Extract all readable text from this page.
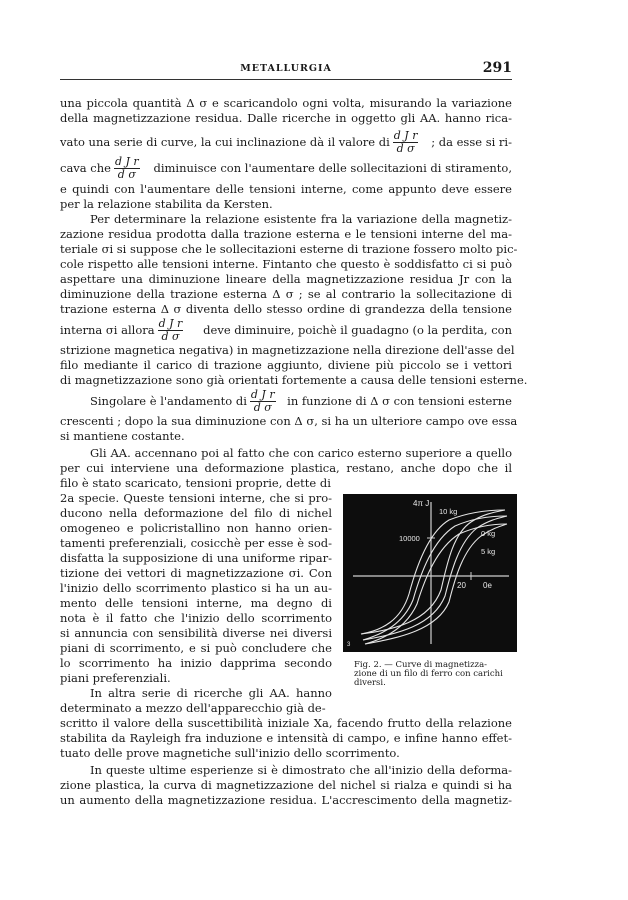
METALLURGIA	291
una piccola quantità Δ σ e scaricandolo ogni volta, misurando la variazione
della magnetizzazione residua. Dalle ricerche in oggetto gli AA. hanno rica-
vato una serie di curve, la cui inclinazione dà il valore di $\frac{\text{d J r}}{\text{d σ}}$ ; da esse si ri-
cava che $\frac{\text{d J r}}{\text{d σ}}$ diminuisce con l'aumentare delle sollecitazioni di stiramento,
e quindi con l'aumentare delle tensioni interne, come appunto deve essere
per la relazione stabilita da Kersten.
Per determinare la relazione esistente fra la variazione della magnetiz-
zazione residua prodotta dalla trazione esterna e le tensioni interne del ma-
teriale σi si suppose che le sollecitazioni esterne di trazione fossero molto pic-
cole rispetto alle tensioni interne. Fintanto che questo è soddisfatto ci si può
aspettare una diminuzione lineare della magnetizzazione residua Jr con la
diminuzione della trazione esterna Δ σ ; se al contrario la sollecitazione di
trazione esterna Δ σ diventa dello stesso ordine di grandezza della tensione
interna σi allora $\frac{\text{d J r}}{\text{d σ}}$ deve diminuire, poichè il guadagno (o la perdita, con
strizione magnetica negativa) in magnetizzazione nella direzione dell'asse del
filo mediante il carico di trazione aggiunto, diviene più piccolo se i vettori
di magnetizzazione sono già orientati fortemente a causa delle tensioni esterne.
Singolare è l'andamento di $\frac{\text{d J r}}{\text{d σ}}$ in funzione di Δ σ con tensioni esterne
crescenti ; dopo la sua diminuzione con Δ σ, si ha un ulteriore campo ove essa
si mantiene costante.
Gli AA. accennano poi al fatto che con carico esterno superiore a quello
per cui interviene una deformazione plastica, restano, anche dopo che il
filo è stato scaricato, tensioni proprie, dette di
2a specie. Queste tensioni interne, che si pro-
ducono nella deformazione del filo di nichel
omogeneo e policristallino non hanno orien-
tamenti preferenziali, cosicchè per esse è sod-
disfatta la supposizione di una uniforme ripar-
tizione dei vettori di magnetizzazione σi. Con
l'inizio dello scorrimento plastico si ha un au-
mento delle tensioni interne, ma degno di
nota è il fatto che l'inizio dello scorrimento
si annuncia con sensibilità diverse nei diversi
piani di scorrimento, e si può concludere che
lo scorrimento ha inizio dapprima secondo
piani preferenziali.
In altra serie di ricerche gli AA. hanno
determinato a mezzo dell'apparecchio già de-
scritto il valore della suscettibilità iniziale Xa, facendo frutto della relazione
stabilita da Rayleigh fra induzione e intensità di campo, e infine hanno effet-
tuato delle prove magnetiche sull'inizio dello scorrimento.
In queste ultime esperienze si è dimostrato che all'inizio della deforma-
zione plastica, la curva di magnetizzazione del nichel si rialza e quindi si ha
un aumento della magnetizzazione residua. L'accrescimento della magnetiz-
4π J
10 kg
10000
0 kg
5 kg
20 0e
3
Fig. 2. — Curve di magnetizza-
zione di un filo di ferro con carichi
diversi.
